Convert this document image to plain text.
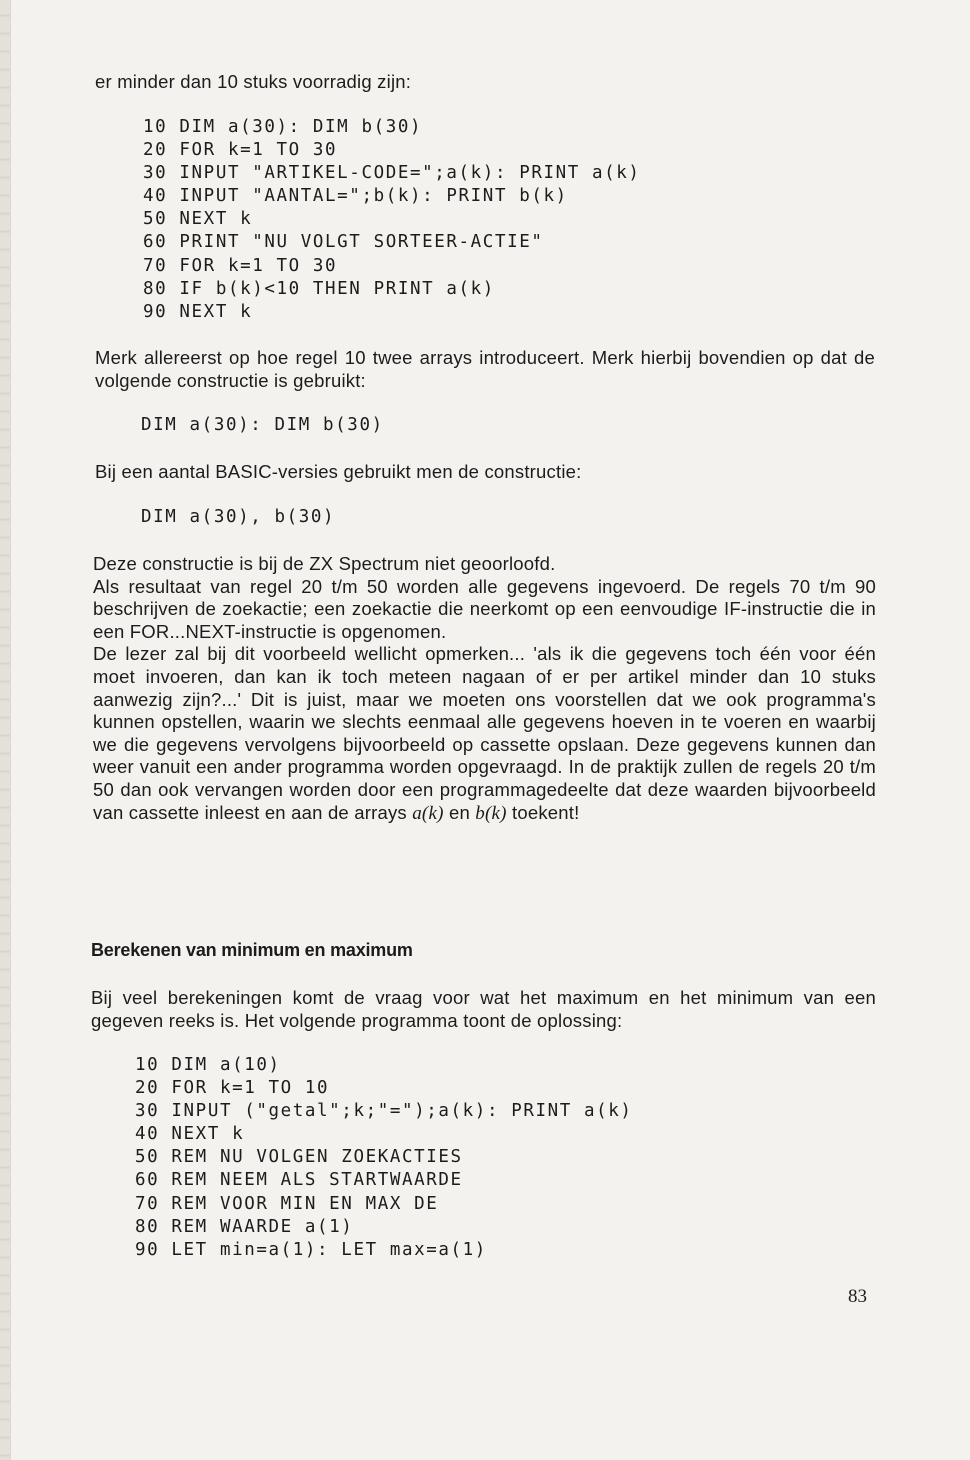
er minder dan 10 stuks voorradig zijn:

10 DIM a(30): DIM b(30)
20 FOR k=1 TO 30
30 INPUT "ARTIKEL-CODE=";a(k): PRINT a(k)
40 INPUT "AANTAL=";b(k): PRINT b(k)
50 NEXT k
60 PRINT "NU VOLGT SORTEER-ACTIE"
70 FOR k=1 TO 30
80 IF b(k)<10 THEN PRINT a(k)
90 NEXT k

Merk allereerst op hoe regel 10 twee arrays introduceert. Merk hierbij bovendien op dat de volgende constructie is gebruikt:

DIM a(30): DIM b(30)

Bij een aantal BASIC-versies gebruikt men de constructie:

DIM a(30), b(30)

Deze constructie is bij de ZX Spectrum niet geoorloofd.

Als resultaat van regel 20 t/m 50 worden alle gegevens ingevoerd. De regels 70 t/m 90 beschrijven de zoekactie; een zoekactie die neerkomt op een eenvoudige IF-instructie die in een FOR...NEXT-instructie is opgenomen.

De lezer zal bij dit voorbeeld wellicht opmerken... 'als ik die gegevens toch één voor één moet invoeren, dan kan ik toch meteen nagaan of er per artikel minder dan 10 stuks aanwezig zijn?...' Dit is juist, maar we moeten ons voorstellen dat we ook programma's kunnen opstellen, waarin we slechts eenmaal alle gegevens hoeven in te voeren en waarbij we die gegevens vervolgens bijvoorbeeld op cassette opslaan. Deze gegevens kunnen dan weer vanuit een ander programma worden opgevraagd. In de praktijk zullen de regels 20 t/m 50 dan ook vervangen worden door een programmagedeelte dat deze waarden bijvoorbeeld van cassette inleest en aan de arrays a(k) en b(k) toekent!

Berekenen van minimum en maximum

Bij veel berekeningen komt de vraag voor wat het maximum en het minimum van een gegeven reeks is. Het volgende programma toont de oplossing:

10 DIM a(10)
20 FOR k=1 TO 10
30 INPUT ("getal";k;"=");a(k): PRINT a(k)
40 NEXT k
50 REM NU VOLGEN ZOEKACTIES
60 REM NEEM ALS STARTWAARDE
70 REM VOOR MIN EN MAX DE
80 REM WAARDE a(1)
90 LET min=a(1): LET max=a(1)
83
